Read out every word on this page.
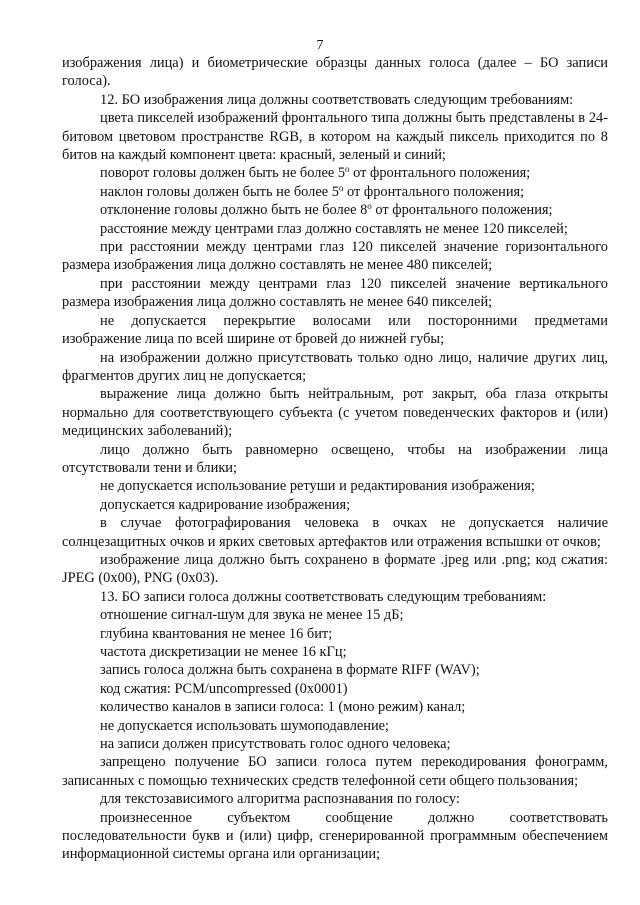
7

изображения лица) и биометрические образцы данных голоса (далее – БО записи голоса).

12. БО изображения лица должны соответствовать следующим требованиям:

цвета пикселей изображений фронтального типа должны быть представлены в 24-битовом цветовом пространстве RGB, в котором на каждый пиксель приходится по 8 битов на каждый компонент цвета: красный, зеленый и синий;

поворот головы должен быть не более 5$^o$ от фронтального положения;

наклон головы должен быть не более 5$^o$ от фронтального положения;

отклонение головы должно быть не более 8$^o$ от фронтального положения;

расстояние между центрами глаз должно составлять не менее 120 пикселей;

при расстоянии между центрами глаз 120 пикселей значение горизонтального размера изображения лица должно составлять не менее 480 пикселей;

при расстоянии между центрами глаз 120 пикселей значение вертикального размера изображения лица должно составлять не менее 640 пикселей;

не допускается перекрытие волосами или посторонними предметами изображение лица по всей ширине от бровей до нижней губы;

на изображении должно присутствовать только одно лицо, наличие других лиц, фрагментов других лиц не допускается;

выражение лица должно быть нейтральным, рот закрыт, оба глаза открыты нормально для соответствующего субъекта (с учетом поведенческих факторов и (или) медицинских заболеваний);

лицо должно быть равномерно освещено, чтобы на изображении лица отсутствовали тени и блики;

не допускается использование ретуши и редактирования изображения;

допускается кадрирование изображения;

в случае фотографирования человека в очках не допускается наличие солнцезащитных очков и ярких световых артефактов или отражения вспышки от очков;

изображение лица должно быть сохранено в формате .jpeg или .png; код сжатия: JPEG (0x00), PNG (0x03).

13. БО записи голоса должны соответствовать следующим требованиям:

отношение сигнал-шум для звука не менее 15 дБ;

глубина квантования не менее 16 бит;

частота дискретизации не менее 16 кГц;

запись голоса должна быть сохранена в формате RIFF (WAV);

код сжатия: PCM/uncompressed (0x0001)

количество каналов в записи голоса: 1 (моно режим) канал;

не допускается использовать шумоподавление;

на записи должен присутствовать голос одного человека;

запрещено получение БО записи голоса путем перекодирования фонограмм, записанных с помощью технических средств телефонной сети общего пользования;

для текстозависимого алгоритма распознавания по голосу:

произнесенное субъектом сообщение должно соответствовать последовательности букв и (или) цифр, сгенерированной программным обеспечением информационной системы органа или организации;
